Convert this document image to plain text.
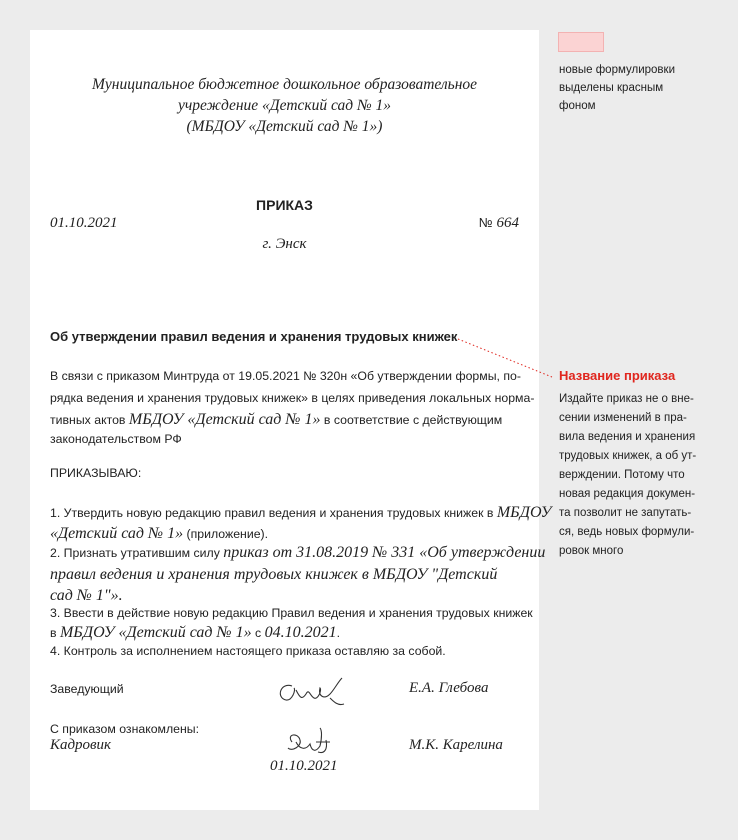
Муниципальное бюджетное дошкольное образовательное
учреждение «Детский сад № 1»
(МБДОУ «Детский сад № 1»)
ПРИКАЗ
01.10.2021	№ 664
г. Энск
Об утверждении правил ведения и хранения трудовых книжек
В связи с приказом Минтруда от 19.05.2021 № 320н «Об утверждении формы, по-
рядка ведения и хранения трудовых книжек» в целях приведения локальных норма-
тивных актов МБДОУ «Детский сад № 1» в соответствие с действующим
законодательством РФ
ПРИКАЗЫВАЮ:
1. Утвердить новую редакцию правил ведения и хранения трудовых книжек в МБДОУ
«Детский сад № 1» (приложение).
2. Признать утратившим силу приказ от 31.08.2019 № 331 «Об утверждении
правил ведения и хранения трудовых книжек в МБДОУ "Детский
сад № 1"».
3. Ввести в действие новую редакцию Правил ведения и хранения трудовых книжек
в МБДОУ «Детский сад № 1» с 04.10.2021.
4. Контроль за исполнением настоящего приказа оставляю за собой.
Заведующий	Е.А. Глебова
С приказом ознакомлены:
Кадровик	М.К. Карелина
01.10.2021
новые формулировки
выделены красным
фоном
Название приказа
Издайте приказ не о вне-
сении изменений в пра-
вила ведения и хранения
трудовых книжек, а об ут-
верждении. Потому что
новая редакция докумен-
та позволит не запутать-
ся, ведь новых формули-
ровок много
